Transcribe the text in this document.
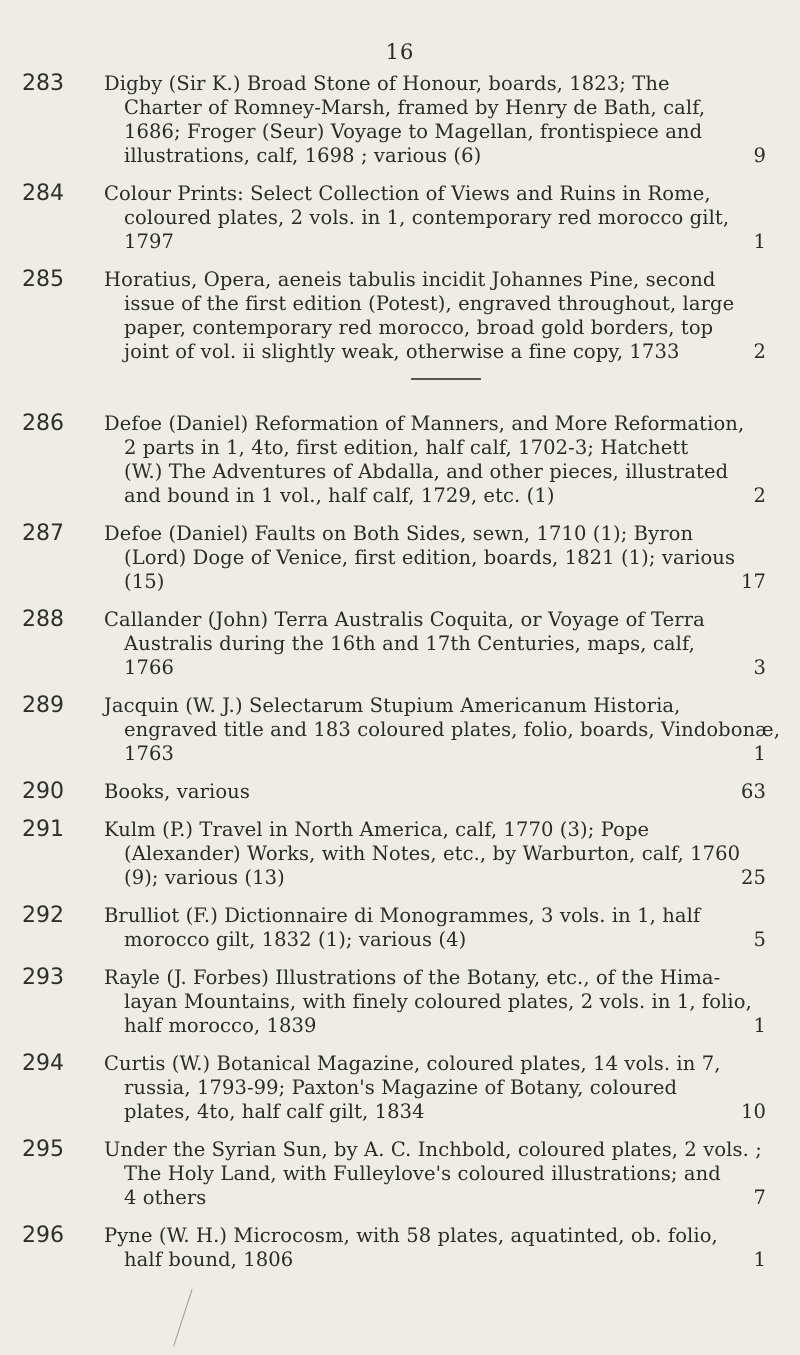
16
283 Digby (Sir K.) Broad Stone of Honour, boards, 1823; The
Charter of Romney-Marsh, framed by Henry de Bath, calf,
1686; Froger (Seur) Voyage to Magellan, frontispiece and
illustrations, calf, 1698 ; various (6)	9
284 Colour Prints: Select Collection of Views and Ruins in Rome,
coloured plates, 2 vols. in 1, contemporary red morocco gilt,
1797	1
285 Horatius, Opera, aeneis tabulis incidit Johannes Pine, second
issue of the first edition (Potest), engraved throughout, large
paper, contemporary red morocco, broad gold borders, top
joint of vol. ii slightly weak, otherwise a fine copy, 1733	2
286 Defoe (Daniel) Reformation of Manners, and More Reformation,
2 parts in 1, 4to, first edition, half calf, 1702-3; Hatchett
(W.) The Adventures of Abdalla, and other pieces, illustrated
and bound in 1 vol., half calf, 1729, etc. (1)	2
287 Defoe (Daniel) Faults on Both Sides, sewn, 1710 (1); Byron
(Lord) Doge of Venice, first edition, boards, 1821 (1); various
(15)	17
288 Callander (John) Terra Australis Coquita, or Voyage of Terra
Australis during the 16th and 17th Centuries, maps, calf,
1766	3
289 Jacquin (W. J.) Selectarum Stupium Americanum Historia,
engraved title and 183 coloured plates, folio, boards, Vindobonæ,
1763	1
290 Books, various	63
291 Kulm (P.) Travel in North America, calf, 1770 (3); Pope
(Alexander) Works, with Notes, etc., by Warburton, calf, 1760
(9); various (13)	25
292 Brulliot (F.) Dictionnaire di Monogrammes, 3 vols. in 1, half
morocco gilt, 1832 (1); various (4)	5
293 Rayle (J. Forbes) Illustrations of the Botany, etc., of the Hima-
layan Mountains, with finely coloured plates, 2 vols. in 1, folio,
half morocco, 1839	1
294 Curtis (W.) Botanical Magazine, coloured plates, 14 vols. in 7,
russia, 1793-99; Paxton's Magazine of Botany, coloured
plates, 4to, half calf gilt, 1834	10
295 Under the Syrian Sun, by A. C. Inchbold, coloured plates, 2 vols. ;
The Holy Land, with Fulleylove's coloured illustrations; and
4 others	7
296 Pyne (W. H.) Microcosm, with 58 plates, aquatinted, ob. folio,
half bound, 1806	1
